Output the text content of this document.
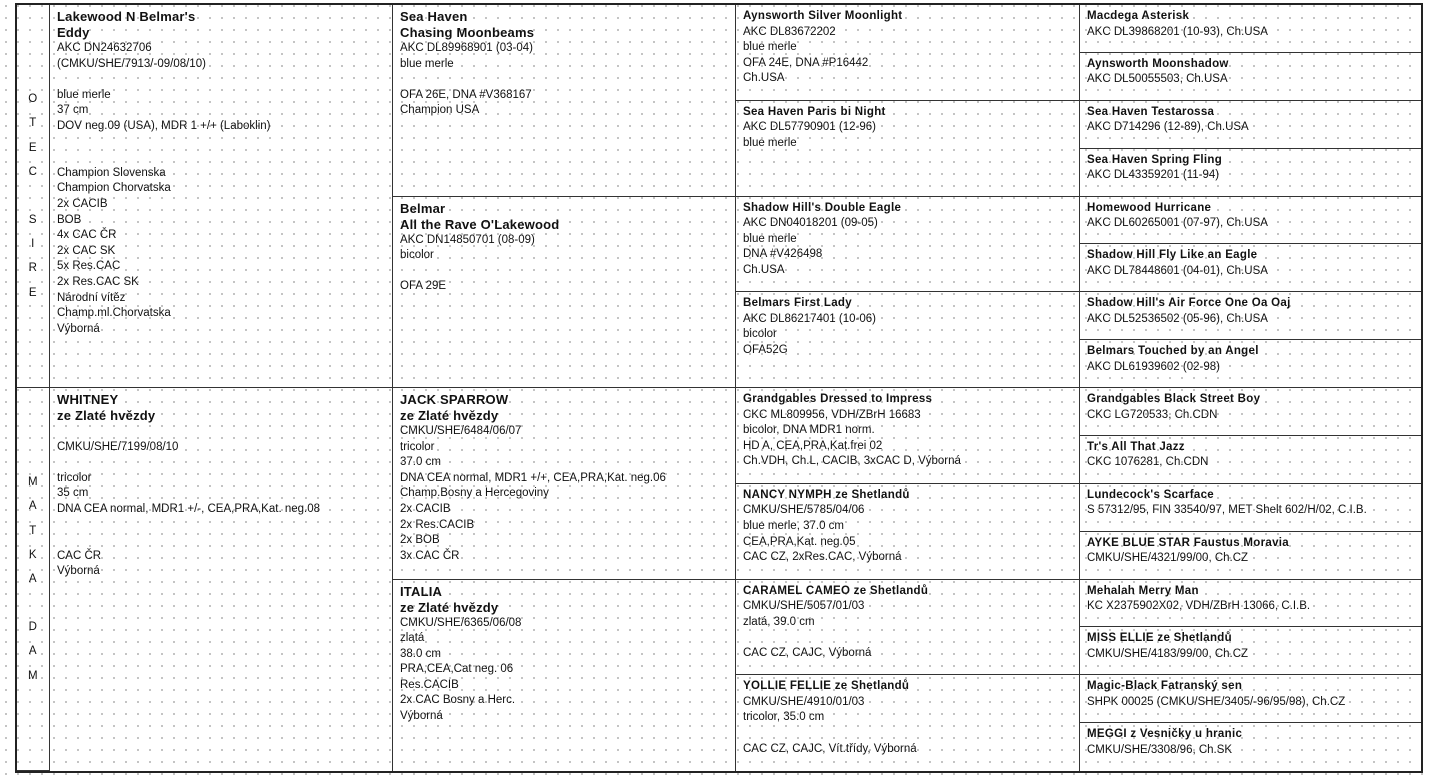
O
T
E
C
S
I
R
E
Lakewood N Belmar's
Eddy
AKC DN24632706
(CMKU/SHE/7913/-09/08/10)
blue merle
37 cm
DOV neg.09 (USA), MDR 1 +/+ (Laboklin)
Champion Slovenska
Champion Chorvatska
2x CACIB
BOB
4x CAC ČR
2x CAC SK
5x Res.CAC
2x Res.CAC SK
Národní vítěz
Champ.ml.Chorvatska
Výborná
Sea Haven
Chasing Moonbeams
AKC DL89968901 (03-04)
blue merle
OFA 26E, DNA #V368167
Champion USA
Belmar
All the Rave O'Lakewood
AKC DN14850701 (08-09)
bicolor
OFA 29E
Aynsworth Silver Moonlight
AKC DL83672202
blue merle
OFA 24E, DNA #P16442
Ch.USA
Sea Haven Paris bi Night
AKC DL57790901 (12-96)
blue merle
Shadow Hill's Double Eagle
AKC DN04018201 (09-05)
blue merle
DNA #V426498
Ch.USA
Belmars First Lady
AKC DL86217401 (10-06)
bicolor
OFA52G
Macdega Asterisk
AKC DL39868201 (10-93), Ch.USA
Aynsworth Moonshadow
AKC DL50055503, Ch.USA
Sea Haven Testarossa
AKC D714296 (12-89), Ch.USA
Sea Haven Spring Fling
AKC DL43359201 (11-94)
Homewood Hurricane
AKC DL60265001 (07-97), Ch.USA
Shadow Hill Fly Like an Eagle
AKC DL78448601 (04-01), Ch.USA
Shadow Hill's Air Force One Oa Oaj
AKC DL52536502 (05-96), Ch.USA
Belmars Touched by an Angel
AKC DL61939602 (02-98)
M
A
T
K
A
D
A
M
WHITNEY
ze Zlaté hvězdy
CMKU/SHE/7199/08/10
tricolor
35 cm
DNA CEA normal, MDR1 +/-, CEA,PRA,Kat. neg.08
CAC ČR
Výborná
JACK SPARROW
ze Zlaté hvězdy
CMKU/SHE/6484/06/07
tricolor
37.0 cm
DNA CEA normal, MDR1 +/+, CEA,PRA,Kat. neg.06
Champ.Bosny a Hercegoviny
2x CACIB
2x Res.CACIB
2x BOB
3x CAC ČR
ITALIA
ze Zlaté hvězdy
CMKU/SHE/6365/06/08
zlatá
38.0 cm
PRA,CEA,Cat neg. 06
Res.CACIB
2x CAC Bosny a Herc.
Výborná
Grandgables Dressed to Impress
CKC ML809956, VDH/ZBrH 16683
bicolor, DNA MDR1 norm.
HD A, CEA,PRA,Kat.frei 02
Ch.VDH, Ch.L, CACIB, 3xCAC D, Výborná
NANCY NYMPH ze Shetlandů
CMKU/SHE/5785/04/06
blue merle, 37.0 cm
CEA,PRA,Kat. neg.05
CAC CZ, 2xRes.CAC, Výborná
CARAMEL CAMEO ze Shetlandů
CMKU/SHE/5057/01/03
zlatá, 39.0 cm
CAC CZ, CAJC, Výborná
YOLLIE FELLIE ze Shetlandů
CMKU/SHE/4910/01/03
tricolor, 35.0 cm
CAC CZ, CAJC, Vít.třídy, Výborná
Grandgables Black Street Boy
CKC LG720533, Ch.CDN
Tr's All That Jazz
CKC 1076281, Ch.CDN
Lundecock's Scarface
S 57312/95, FIN 33540/97, MET Shelt 602/H/02, C.I.B.
AYKE BLUE STAR Faustus Moravia
CMKU/SHE/4321/99/00, Ch.CZ
Mehalah Merry Man
KC X2375902X02, VDH/ZBrH 13066, C.I.B.
MISS ELLIE ze Shetlandů
CMKU/SHE/4183/99/00, Ch.CZ
Magic-Black Fatranský sen
SHPK 00025 (CMKU/SHE/3405/-96/95/98), Ch.CZ
MEGGI z Vesničky u hranic
CMKU/SHE/3308/96, Ch.SK
